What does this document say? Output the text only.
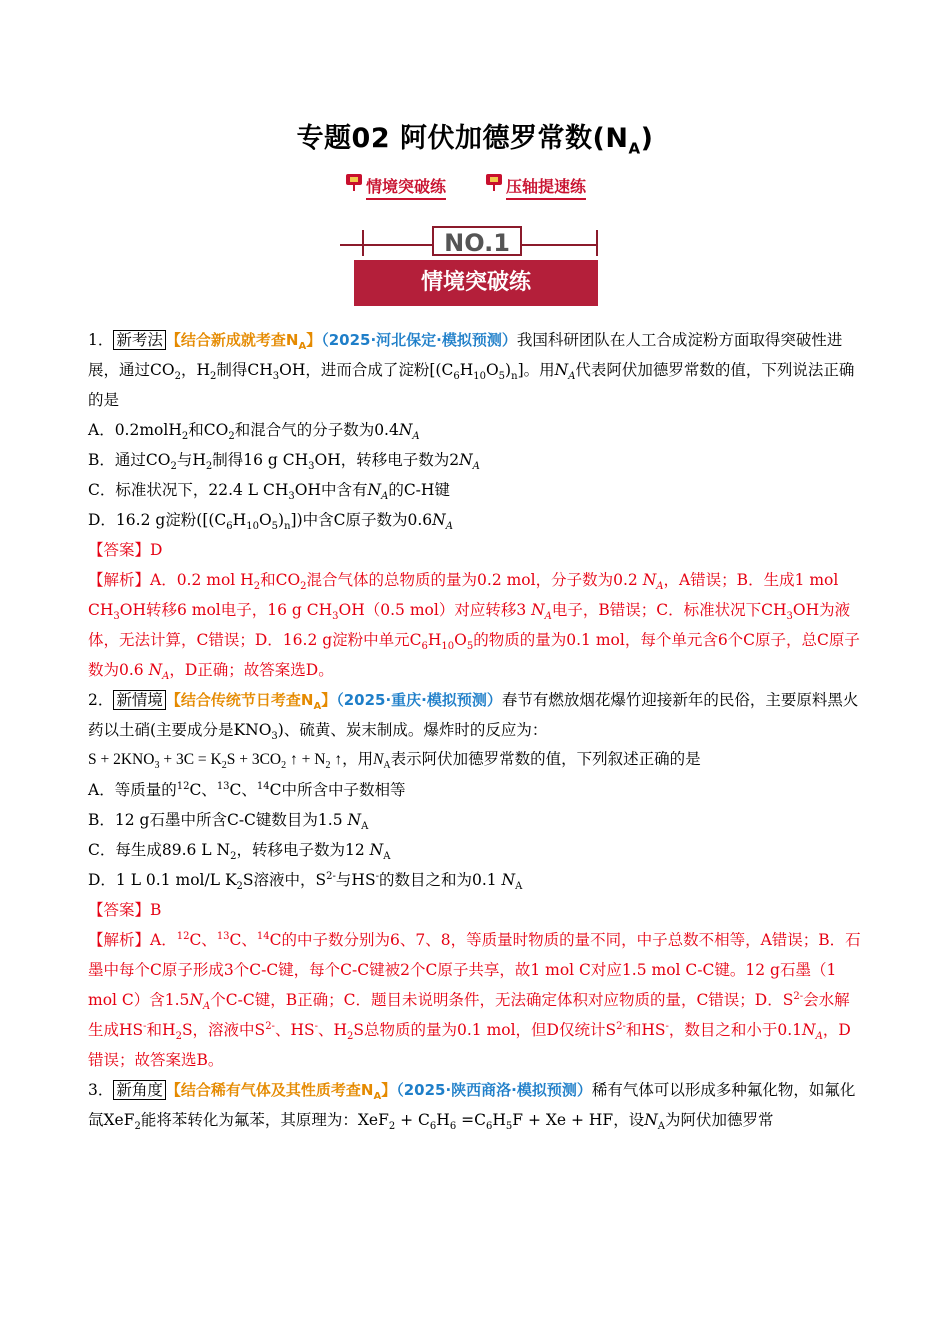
专题02 阿伏加德罗常数$(N_A)$
情境突破练	压轴提速练
NO.1
情境突破练

1． 新考法 【结合新成就考查$N_A$】（2025·河北保定·模拟预测）我国科研团队在人工合成淀粉方面取得突破性进展，通过$CO_2$，$H_2$制得$CH_3OH$，进而合成了淀粉$[(C_6H_{10}O_5)_n]$。用$N_A$代表阿伏加德罗常数的值，下列说法正确的是

A．0.2molH$_2$和$CO_2$和混合气的分子数为$0.4N_A$

B．通过$CO_2$与$H_2$制得16 g $CH_3OH$，转移电子数为$2N_A$

C．标准状况下，22.4 L $CH_3OH$中含有$N_A$的C-H键

D．16.2 g淀粉$([(C_6H_{10}O_5)_n])$中含C原子数为$0.6N_A$

【答案】D

【解析】A．0.2 mol $H_2$和$CO_2$混合气体的总物质的量为0.2 mol，分子数为0.2 $N_A$，A错误；B．生成1 mol $CH_3OH$转移6 mol电子，16 g $CH_3OH(0.5$ mol）对应转移3 $N_A$电子，B错误；C．标准状况下$CH_3OH$为液体，无法计算，C错误；D．16.2 g淀粉中单元$C_6H_{10}O_5$的物质的量为0.1 mol，每个单元含6个C原子，总C原子数为0.6 $N_A$，D正确；故答案选D。

2． 新情境 【结合传统节日考查$N_A$】（2025·重庆·模拟预测）春节有燃放烟花爆竹迎接新年的民俗，主要原料黑火药以土硝(主要成分是$KNO_3$)、硫黄、炭末制成。爆炸时的反应为：

$S + 2KNO_3 + 3C = K_2S + 3CO_2$ ↑ + $N_2$ ↑，用$N_A$表示阿伏加德罗常数的值，下列叙述正确的是

A．等质量的$^{12}$C、$^{13}$C、$^{14}$C中所含中子数相等

B．12 g石墨中所含C-C键数目为1.5 $N_A$

C．每生成89.6 L $N_2$，转移电子数为12 $N_A$

D．1 L 0.1 mol/L $K_2S$溶液中，$S^{2-}$与HS-的数目之和为0.1 $N_A$

【答案】B

【解析】A．$^{12}$C、$^{13}$C、$^{14}$C的中子数分别为6、7、8，等质量时物质的量不同，中子总数不相等，A错误；B．石墨中每个C原子形成3个C-C键，每个C-C键被2个C原子共享，故1 mol C对应1.5 mol C-C键。12 g石墨（1 mol C）含$1.5N_A$个C-C键，B正确；C．题目未说明条件，无法确定体积对应物质的量，C错误；D．$S^{2-}$会水解生成HS-和$H_2S$，溶液中$S^{2-}$、HS-、$H_2S$总物质的量为0.1 mol，但D仅统计$S^{2-}$和HS-，数目之和小于$0.1N_A$，D错误；故答案选B。

3． 新角度 【结合稀有气体及其性质考查$N_A$】（2025·陕西商洛·模拟预测）稀有气体可以形成多种氟化物，如氟化氙XeF$_2$能将苯转化为氟苯，其原理为：$XeF_2 + C_6H_6 =C_6H_5F + Xe$ + HF，设$N_A$为阿伏加德罗常
